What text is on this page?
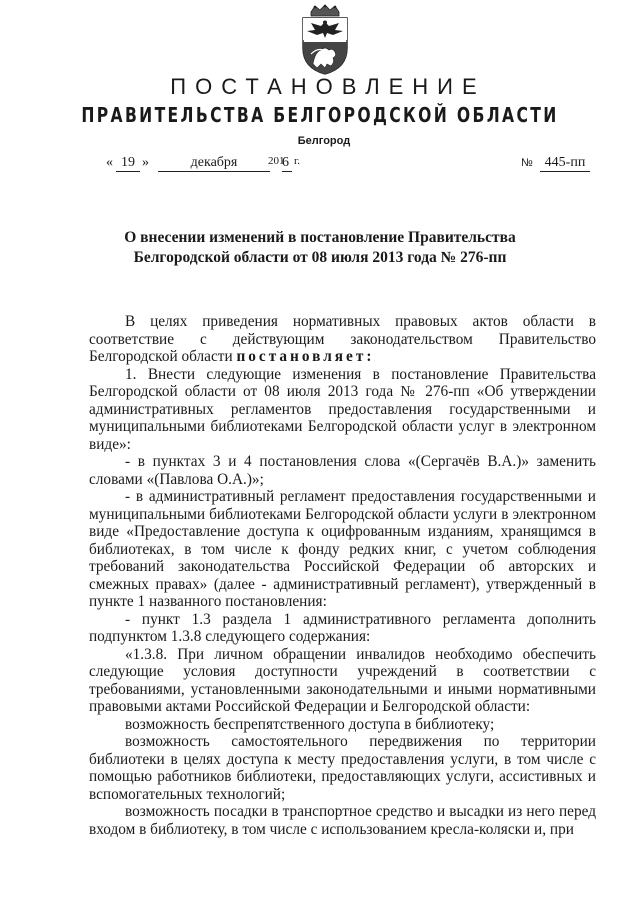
ПОСТАНОВЛЕНИЕ
ПРАВИТЕЛЬСТВА БЕЛГОРОДСКОЙ ОБЛАСТИ
Белгород
« 19 »	декабря	201
6 г.	№ 445-пп
О внесении изменений в постановление Правительства
Белгородской области от 08 июля 2013 года № 276-пп

В целях приведения нормативных правовых актов области в соответствие с действующим законодательством Правительство Белгородской области постановляет:

1. Внести следующие изменения в постановление Правительства Белгородской области от 08 июля 2013 года № 276-пп «Об утверждении административных регламентов предоставления государственными и муниципальными библиотеками Белгородской области услуг в электронном виде»:

- в пунктах 3 и 4 постановления слова «(Сергачёв В.А.)» заменить словами «(Павлова О.А.)»;

- в административный регламент предоставления государственными и муниципальными библиотеками Белгородской области услуги в электронном виде «Предоставление доступа к оцифрованным изданиям, хранящимся в библиотеках, в том числе к фонду редких книг, с учетом соблюдения требований законодательства Российской Федерации об авторских и смежных правах» (далее - административный регламент), утвержденный в пункте 1 названного постановления:

- пункт 1.3 раздела 1 административного регламента дополнить подпунктом 1.3.8 следующего содержания:

«1.3.8. При личном обращении инвалидов необходимо обеспечить следующие условия доступности учреждений в соответствии с требованиями, установленными законодательными и иными нормативными правовыми актами Российской Федерации и Белгородской области:

возможность беспрепятственного доступа в библиотеку;

возможность самостоятельного передвижения по территории библиотеки в целях доступа к месту предоставления услуги, в том числе с помощью работников библиотеки, предоставляющих услуги, ассистивных и вспомогательных технологий;

возможность посадки в транспортное средство и высадки из него перед входом в библиотеку, в том числе с использованием кресла-коляски и, при
